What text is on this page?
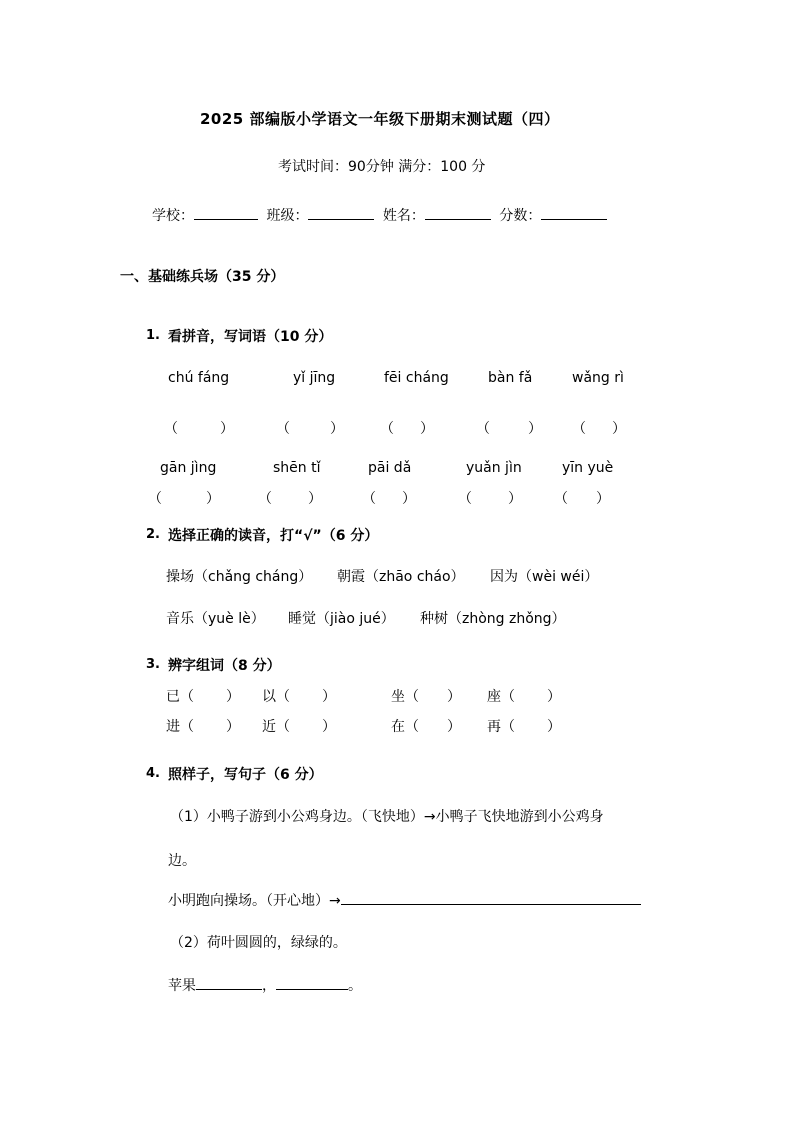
2025 部编版小学语文一年级下册期末测试题（四）
考试时间：90分钟 满分：100 分
学校：	班级：	姓名：	分数：
一、基础练兵场（35 分）
1. 看拼音，写词语（10 分）
chú fáng	yǐ jīng	fēi cháng	bàn fǎ	wǎng rì
（	）	（	）	（ ）	（	） （ ）
gān jìng	shēn tǐ	pāi dǎ	yuǎn jìn	yīn yuè
（	）	（	）	（ ）	（	） （ ）
2. 选择正确的读音，打“√”（6 分）
操场（chǎng cháng） 朝霞（zhāo cháo） 因为（wèi wéi）
音乐（yuè lè） 睡觉（jiào jué） 种树（zhòng zhǒng）
3. 辨字组词（8 分）
已（ ） 以（ ）	坐（ ） 座（ ）
进（ ） 近（ ）	在（ ） 再（ ）
4. 照样子，写句子（6 分）
（1）小鸭子游到小公鸡身边。（飞快地）→小鸭子飞快地游到小公鸡身
边。
小明跑向操场。（开心地）→
（2）荷叶圆圆的，绿绿的。
苹果	，	。
